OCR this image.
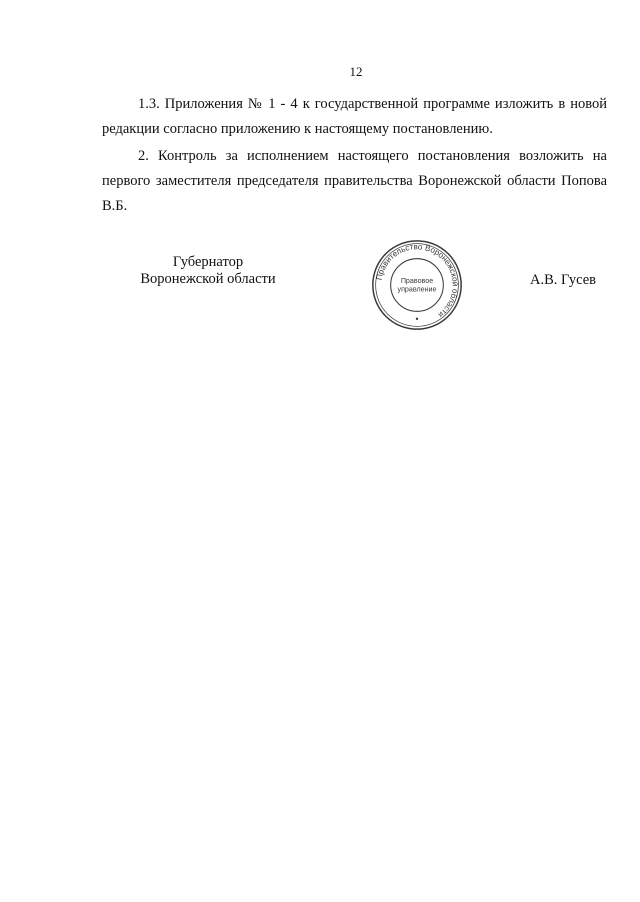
12

1.3. Приложения № 1 - 4 к государственной программе изложить в новой редакции согласно приложению к настоящему постановлению.

2. Контроль за исполнением настоящего постановления возложить на первого заместителя председателя правительства Воронежской области Попова В.Б.

Губернатор
Воронежской области	Правительство Воронежской области
Правовое
управление
А.В. Гусев
